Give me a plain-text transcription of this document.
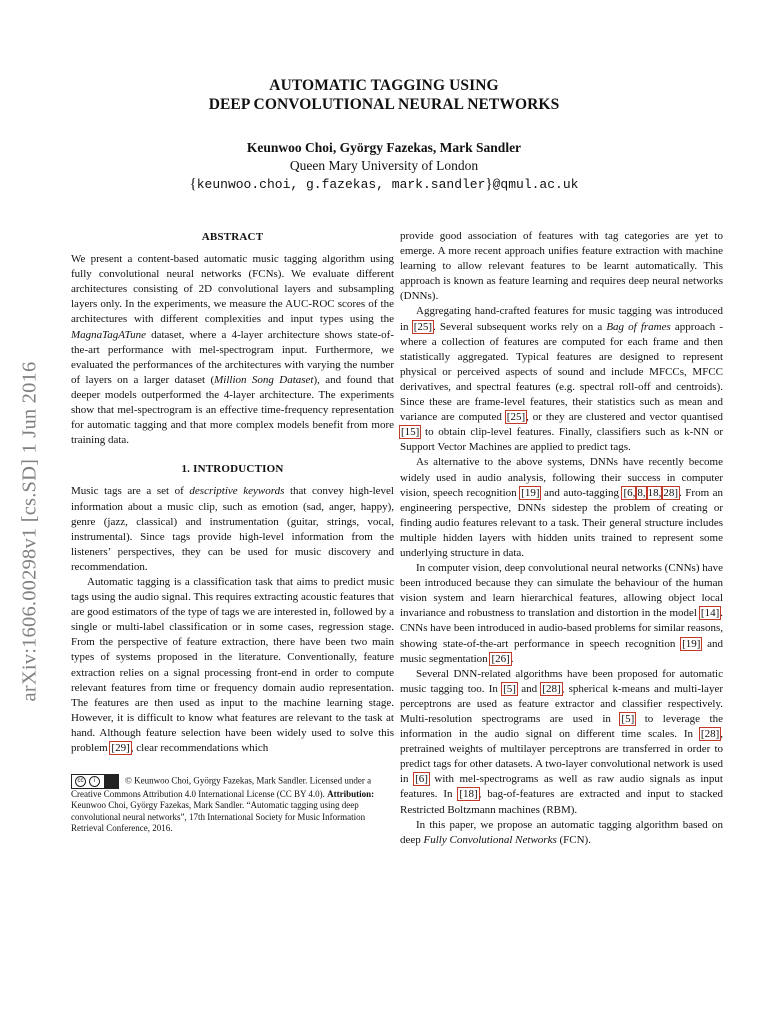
AUTOMATIC TAGGING USING
DEEP CONVOLUTIONAL NEURAL NETWORKS
Keunwoo Choi, György Fazekas, Mark Sandler
Queen Mary University of London
{keunwoo.choi, g.fazekas, mark.sandler}@qmul.ac.uk
arXiv:1606.00298v1 [cs.SD] 1 Jun 2016
ABSTRACT

We present a content-based automatic music tagging algorithm using fully convolutional neural networks (FCNs). We evaluate different architectures consisting of 2D convolutional layers and subsampling layers only. In the experiments, we measure the AUC-ROC scores of the architectures with different complexities and input types using the MagnaTagATune dataset, where a 4-layer architecture shows state-of-the-art performance with mel-spectrogram input. Furthermore, we evaluated the performances of the architectures with varying the number of layers on a larger dataset (Million Song Dataset), and found that deeper models outperformed the 4-layer architecture. The experiments show that mel-spectrogram is an effective time-frequency representation for automatic tagging and that more complex models benefit from more training data.

1. INTRODUCTION

Music tags are a set of descriptive keywords that convey high-level information about a music clip, such as emotion (sad, anger, happy), genre (jazz, classical) and instrumentation (guitar, strings, vocal, instrumental). Since tags provide high-level information from the listeners’ perspectives, they can be used for music discovery and recommendation.

Automatic tagging is a classification task that aims to predict music tags using the audio signal. This requires extracting acoustic features that are good estimators of the type of tags we are interested in, followed by a single or multi-label classification or in some cases, regression stage. From the perspective of feature extraction, there have been two main types of systems proposed in the literature. Conventionally, feature extraction relies on a signal processing front-end in order to compute relevant features from time or frequency domain audio representation. The features are then used as input to the machine learning stage. However, it is difficult to know what features are relevant to the task at hand. Although feature selection have been widely used to solve this problem [29], clear recommendations which

cc	i	© Keunwoo Choi, György Fazekas, Mark Sandler. Licensed under a Creative Commons Attribution 4.0 International License (CC BY 4.0). Attribution: Keunwoo Choi, György Fazekas, Mark Sandler. “Automatic tagging using deep convolutional neural networks”, 17th International Society for Music Information Retrieval Conference, 2016.

provide good association of features with tag categories are yet to emerge. A more recent approach unifies feature extraction with machine learning to allow relevant features to be learnt automatically. This approach is known as feature learning and requires deep neural networks (DNNs).

Aggregating hand-crafted features for music tagging was introduced in [25]. Several subsequent works rely on a Bag of frames approach - where a collection of features are computed for each frame and then statistically aggregated. Typical features are designed to represent physical or perceived aspects of sound and include MFCCs, MFCC derivatives, and spectral features (e.g. spectral roll-off and centroids). Since these are frame-level features, their statistics such as mean and variance are computed [25], or they are clustered and vector quantised [15] to obtain clip-level features. Finally, classifiers such as k-NN or Support Vector Machines are applied to predict tags.

As alternative to the above systems, DNNs have recently become widely used in audio analysis, following their success in computer vision, speech recognition [19] and auto-tagging [6, 8, 18, 28]. From an engineering perspective, DNNs sidestep the problem of creating or finding audio features relevant to a task. Their general structure includes multiple hidden layers with hidden units trained to represent some underlying structure in data.

In computer vision, deep convolutional neural networks (CNNs) have been introduced because they can simulate the behaviour of the human vision system and learn hierarchical features, allowing object local invariance and robustness to translation and distortion in the model [14]. CNNs have been introduced in audio-based problems for similar reasons, showing state-of-the-art performance in speech recognition [19] and music segmentation [26].

Several DNN-related algorithms have been proposed for automatic music tagging too. In [5] and [28], spherical k-means and multi-layer perceptrons are used as feature extractor and classifier respectively. Multi-resolution spectrograms are used in [5] to leverage the information in the audio signal on different time scales. In [28], pretrained weights of multilayer perceptrons are transferred in order to predict tags for other datasets. A two-layer convolutional network is used in [6] with mel-spectrograms as well as raw audio signals as input features. In [18], bag-of-features are extracted and input to stacked Restricted Boltzmann machines (RBM).

In this paper, we propose an automatic tagging algorithm based on deep Fully Convolutional Networks (FCN).
